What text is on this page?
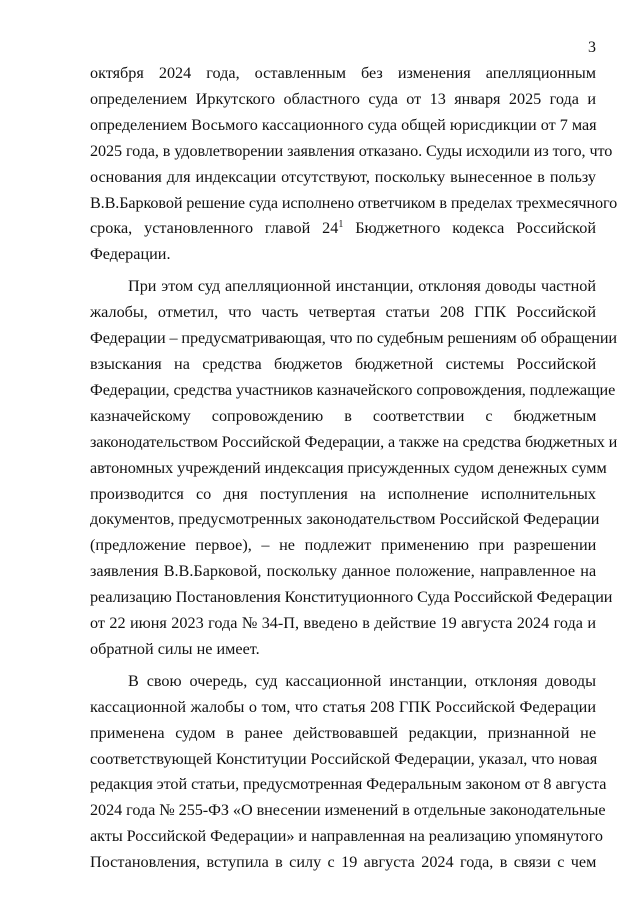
3
октября 2024 года, оставленным без изменения апелляционным
определением Иркутского областного суда от 13 января 2025 года и
определением Восьмого кассационного суда общей юрисдикции от 7 мая
2025 года, в удовлетворении заявления отказано. Суды исходили из того, что
основания для индексации отсутствуют, поскольку вынесенное в пользу
В.В.Барковой решение суда исполнено ответчиком в пределах трехмесячного
срока, установленного главой $24^1$ Бюджетного кодекса Российской
Федерации.
При этом суд апелляционной инстанции, отклоняя доводы частной
жалобы, отметил, что часть четвертая статьи 208 ГПК Российской
Федерации – предусматривающая, что по судебным решениям об обращении
взыскания на средства бюджетов бюджетной системы Российской
Федерации, средства участников казначейского сопровождения, подлежащие
казначейскому сопровождению в соответствии с бюджетным
законодательством Российской Федерации, а также на средства бюджетных и
автономных учреждений индексация присужденных судом денежных сумм
производится со дня поступления на исполнение исполнительных
документов, предусмотренных законодательством Российской Федерации
(предложение первое), – не подлежит применению при разрешении
заявления В.В.Барковой, поскольку данное положение, направленное на
реализацию Постановления Конституционного Суда Российской Федерации
от 22 июня 2023 года № 34-П, введено в действие 19 августа 2024 года и
обратной силы не имеет.
В свою очередь, суд кассационной инстанции, отклоняя доводы
кассационной жалобы о том, что статья 208 ГПК Российской Федерации
применена судом в ранее действовавшей редакции, признанной не
соответствующей Конституции Российской Федерации, указал, что новая
редакция этой статьи, предусмотренная Федеральным законом от 8 августа
2024 года № 255-ФЗ «О внесении изменений в отдельные законодательные
акты Российской Федерации» и направленная на реализацию упомянутого
Постановления, вступила в силу с 19 августа 2024 года, в связи с чем
